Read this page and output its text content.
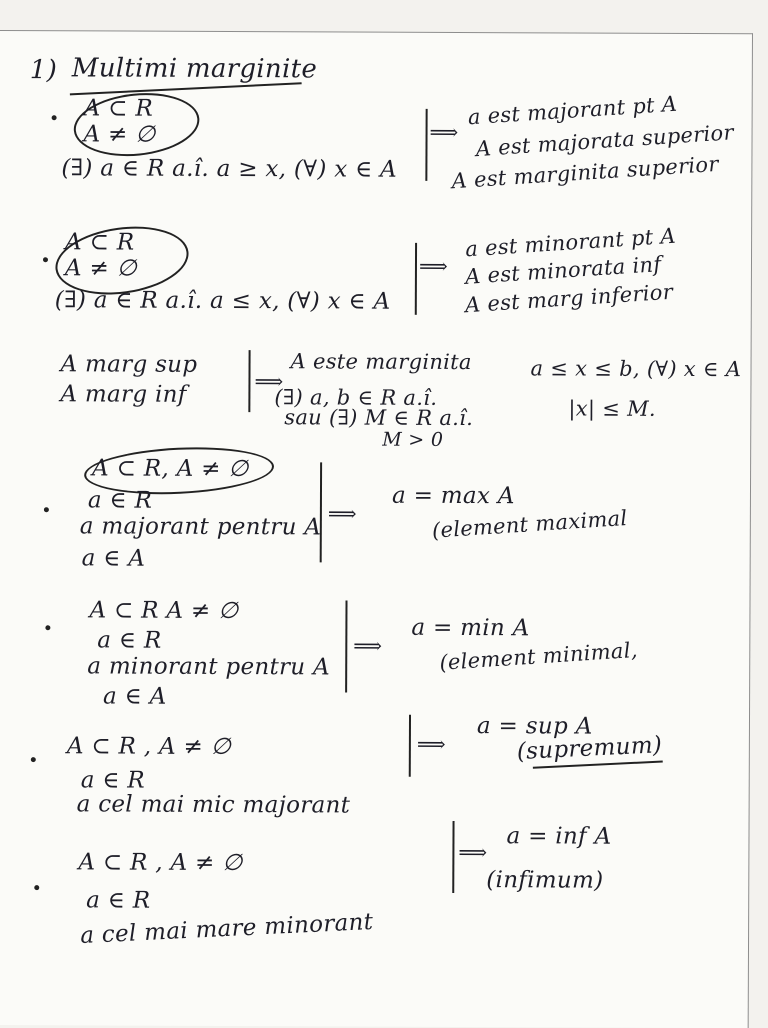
1) Multimi marginite
A ⊂ R
A ≠ ∅
(∃) a ∈ R a.î. a ≥ x, (∀) x ∈ A
⟹
a est majorant pt A
A est majorata superior
A est marginita superior
A ⊂ R
A ≠ ∅
(∃) a ∈ R a.î. a ≤ x, (∀) x ∈ A
⟹
a est minorant pt A
A est minorata inf
A est marg inferior
A marg sup
A marg inf
⟹
A este marginita
(∃) a, b ∈ R a.î.
a ≤ x ≤ b, (∀) x ∈ A
sau (∃) M ∈ R a.î.
M > 0
|x| ≤ M.
A ⊂ R, A ≠ ∅
a ∈ R
a majorant pentru A
a ∈ A
⟹
a = max A
(element maximal
A ⊂ R A ≠ ∅
a ∈ R
a minorant pentru A
a ∈ A
⟹
a = min A
(element minimal,
A ⊂ R , A ≠ ∅
a ∈ R
a cel mai mic majorant
⟹
a = sup A
(supremum)
A ⊂ R , A ≠ ∅
a ∈ R
a cel mai mare minorant
⟹
a = inf A
(infimum)
